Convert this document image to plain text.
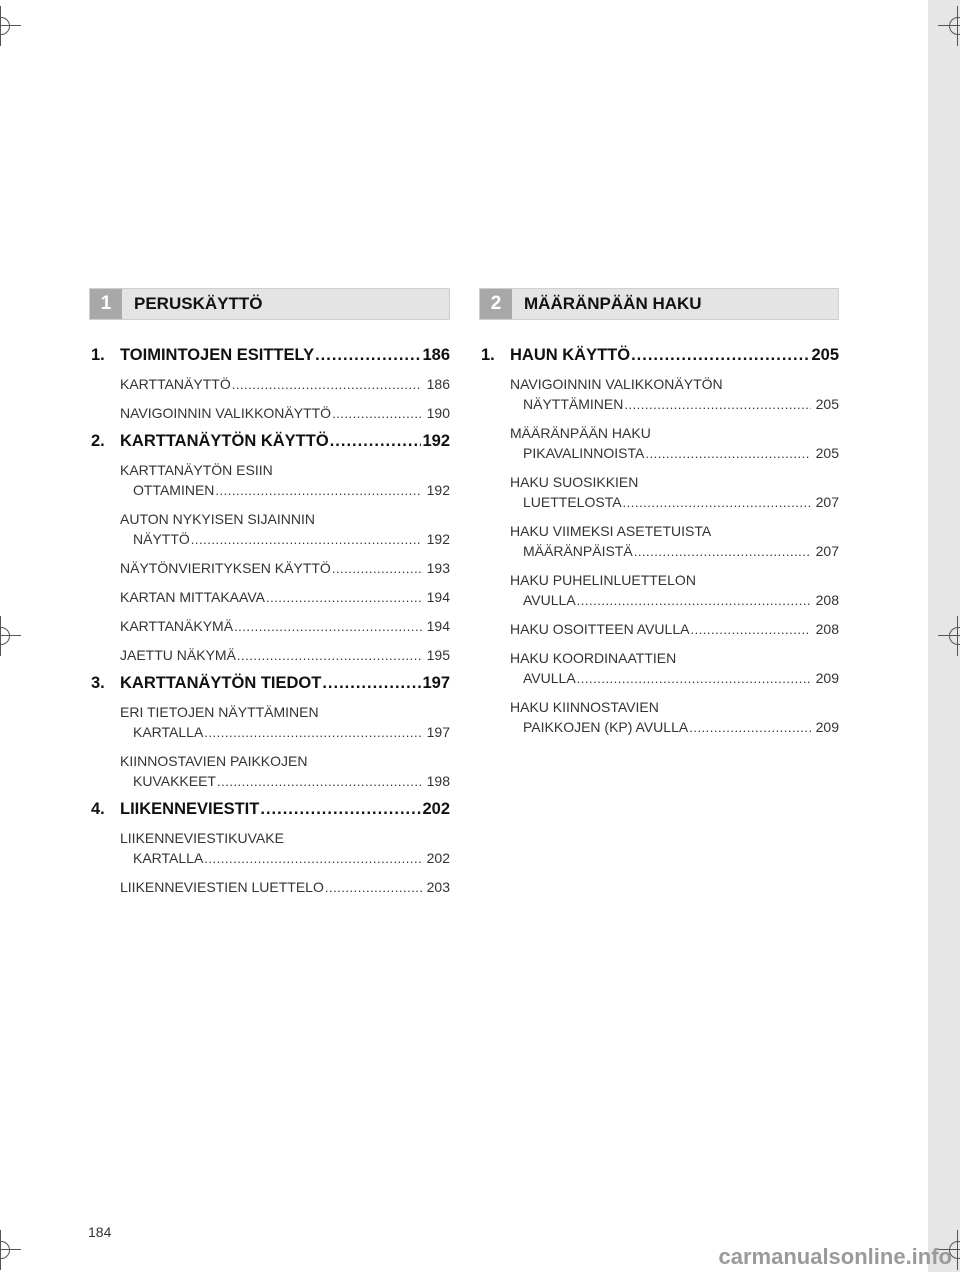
1	PERUSKÄYTTÖ
1. TOIMINTOJEN ESITTELY .....	186
KARTTANÄYTTÖ .....	186
NAVIGOINNIN VALIKKONÄYTTÖ .....	190
2. KARTTANÄYTÖN KÄYTTÖ .....	192
KARTTANÄYTÖN ESIIN
OTTAMINEN .....	192
AUTON NYKYISEN SIJAINNIN
NÄYTTÖ .....	192
NÄYTÖNVIERITYKSEN KÄYTTÖ .....	193
KARTAN MITTAKAAVA .....	194
KARTTANÄKYMÄ .....	194
JAETTU NÄKYMÄ .....	195
3. KARTTANÄYTÖN TIEDOT .....	197
ERI TIETOJEN NÄYTTÄMINEN
KARTALLA .....	197
KIINNOSTAVIEN PAIKKOJEN
KUVAKKEET .....	198
4. LIIKENNEVIESTIT .....	202
LIIKENNEVIESTIKUVAKE
KARTALLA .....	202
LIIKENNEVIESTIEN LUETTELO .....	203
2	MÄÄRÄNPÄÄN HAKU
1. HAUN KÄYTTÖ .....	205
NAVIGOINNIN VALIKKONÄYTÖN
NÄYTTÄMINEN .....	205
MÄÄRÄNPÄÄN HAKU
PIKAVALINNOISTA .....	205
HAKU SUOSIKKIEN
LUETTELOSTA .....	207
HAKU VIIMEKSI ASETETUISTA
MÄÄRÄNPÄISTÄ .....	207
HAKU PUHELINLUETTELON
AVULLA .....	208
HAKU OSOITTEEN AVULLA .....	208
HAKU KOORDINAATTIEN
AVULLA .....	209
HAKU KIINNOSTAVIEN
PAIKKOJEN (KP) AVULLA .....	209
184
carmanualsonline.info
